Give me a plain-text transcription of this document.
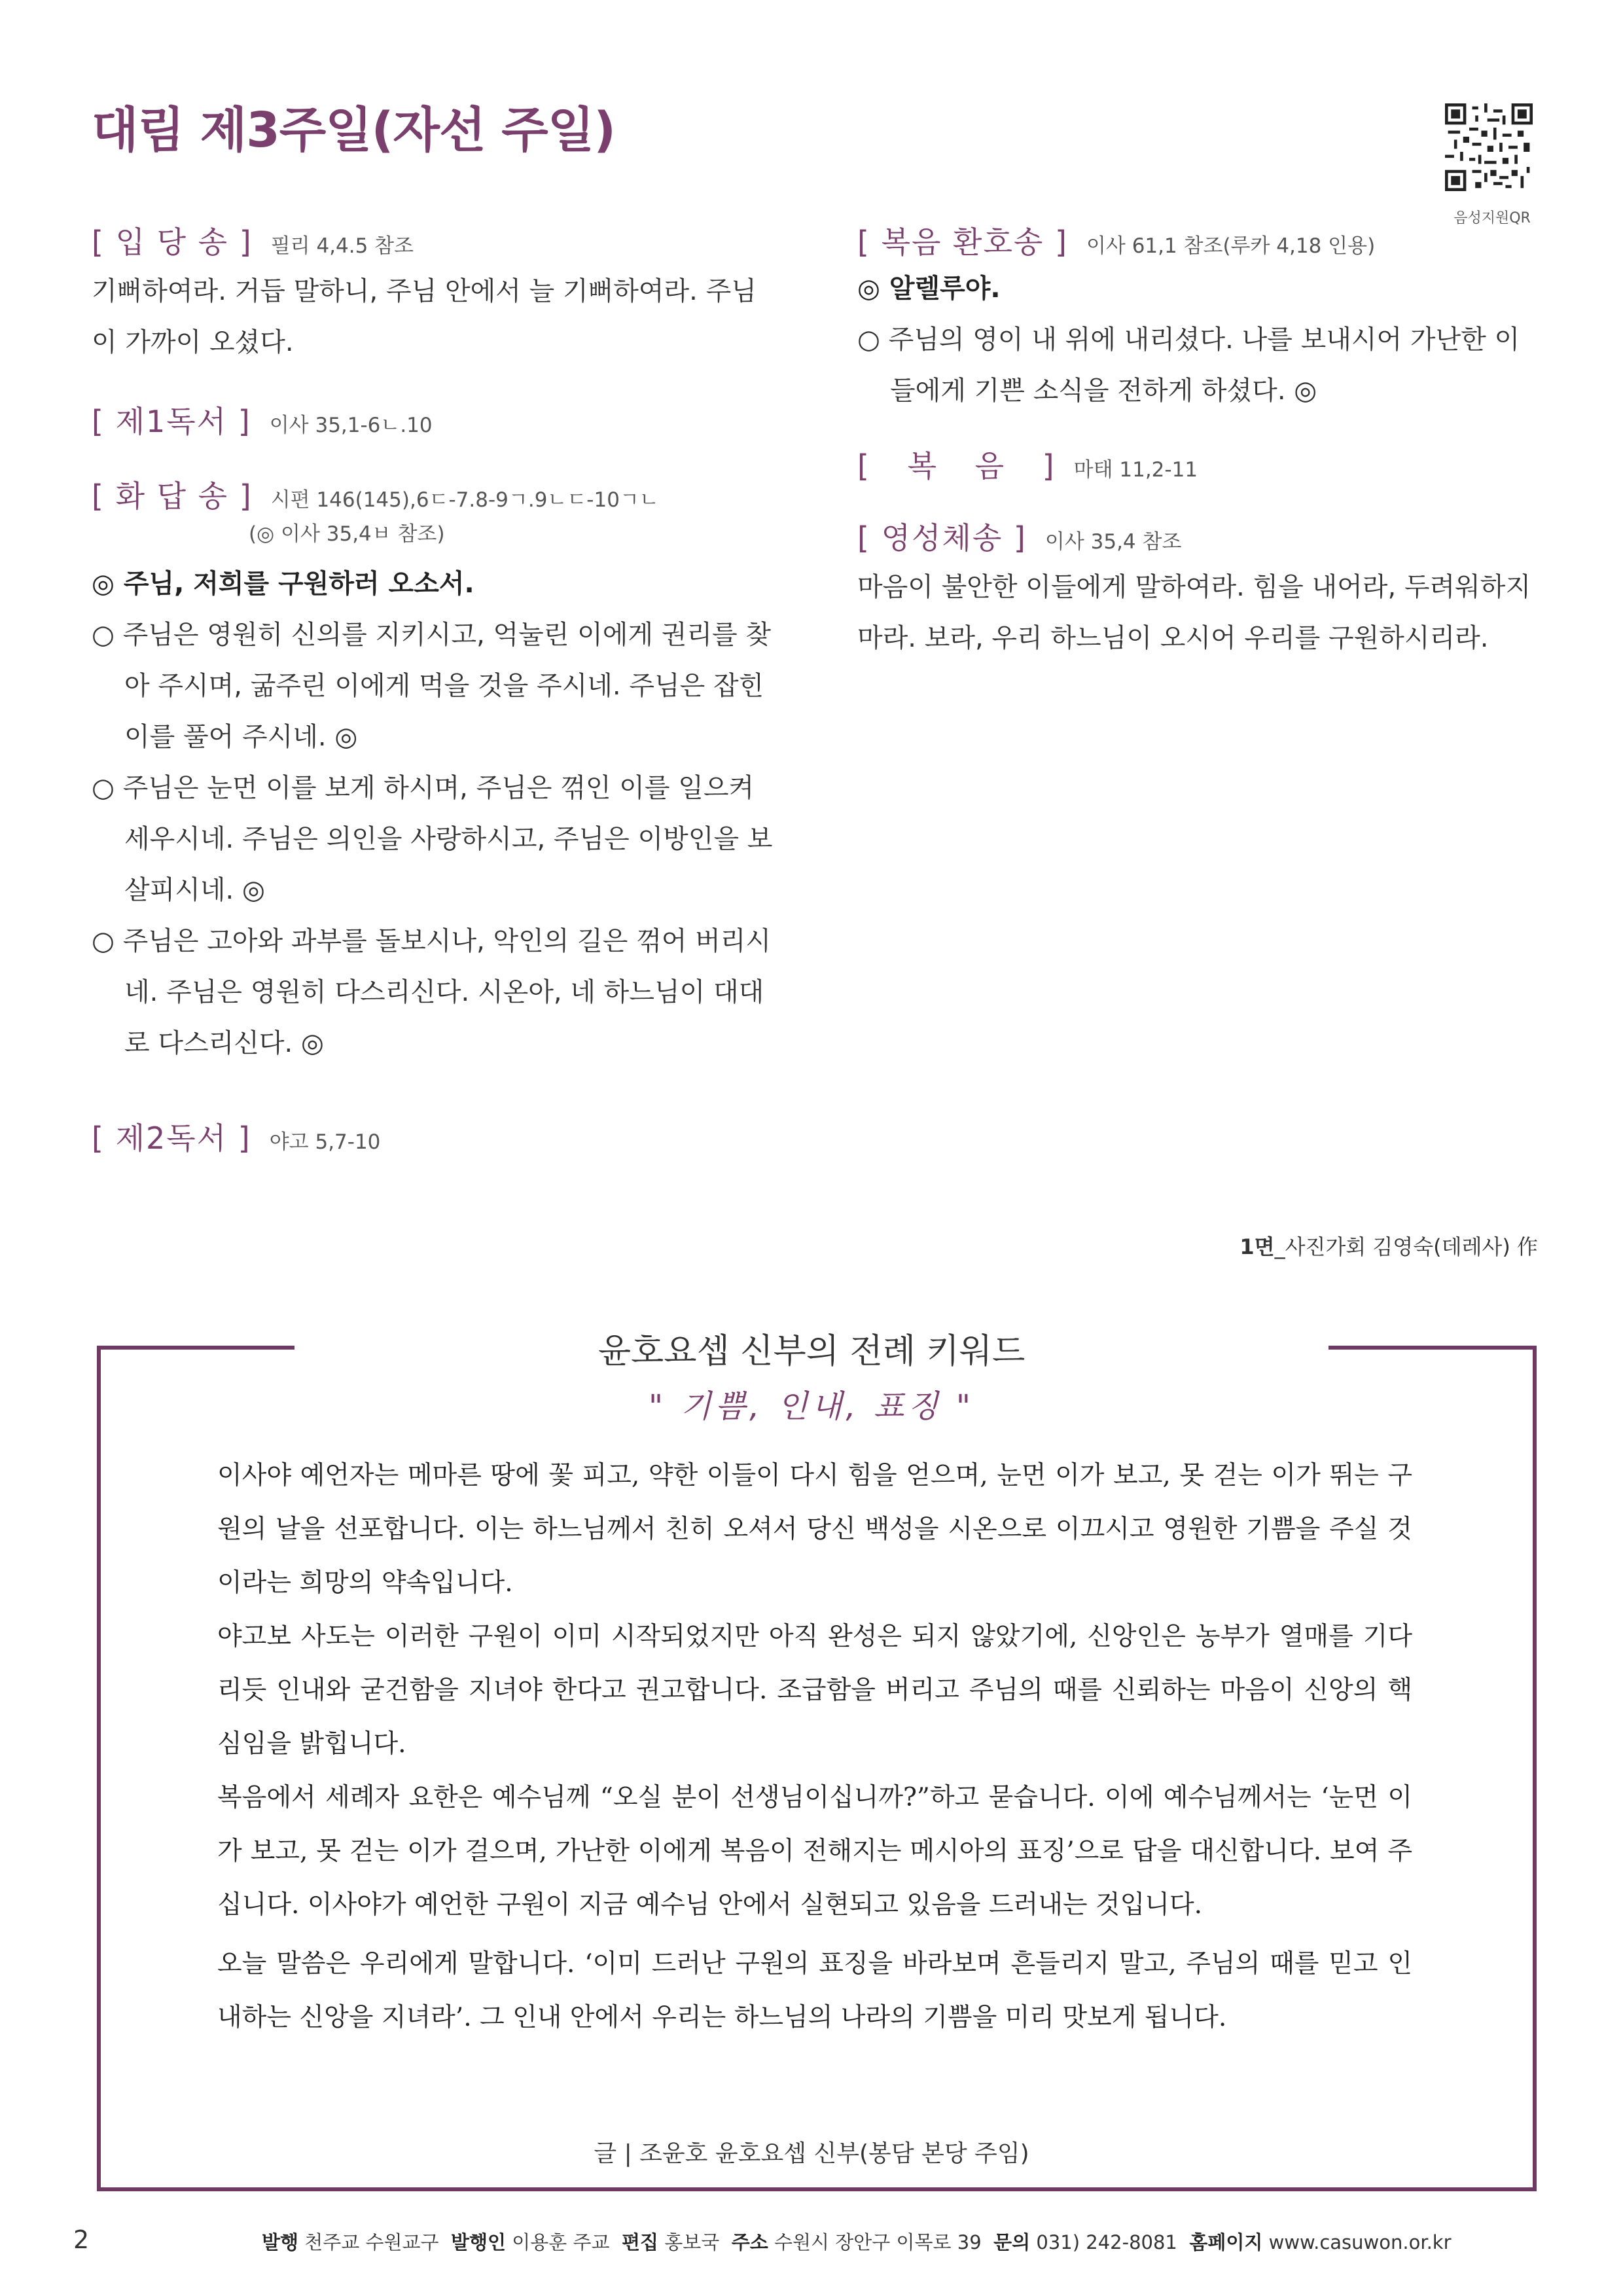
대림 제3주일(자선 주일)
음성지원QR
[ 입 당 송 ] 필리 4,4.5 참조

기뻐하여라. 거듭 말하니, 주님 안에서 늘 기뻐하여라. 주님이 가까이 오셨다.

[ 제1독서 ] 이사 35,1-6ㄴ.10
[ 화 답 송 ] 시편 146(145),6ㄷ-7.8-9ㄱ.9ㄴㄷ-10ㄱㄴ
(◎ 이사 35,4ㅂ 참조)
◎ 주님, 저희를 구원하러 오소서.
○ 주님은 영원히 신의를 지키시고, 억눌린 이에게 권리를 찾아 주시며, 굶주린 이에게 먹을 것을 주시네. 주님은 잡힌 이를 풀어 주시네. ◎
○ 주님은 눈먼 이를 보게 하시며, 주님은 꺾인 이를 일으켜 세우시네. 주님은 의인을 사랑하시고, 주님은 이방인을 보살피시네. ◎
○ 주님은 고아와 과부를 돌보시나, 악인의 길은 꺾어 버리시네. 주님은 영원히 다스리신다. 시온아, 네 하느님이 대대로 다스리신다. ◎
[ 제2독서 ] 야고 5,7-10
[ 복음 환호송 ] 이사 61,1 참조(루카 4,18 인용)
◎ 알렐루야.
○ 주님의 영이 내 위에 내리셨다. 나를 보내시어 가난한 이들에게 기쁜 소식을 전하게 하셨다. ◎
[ 복 음 ] 마태 11,2-11
[ 영성체송 ] 이사 35,4 참조

마음이 불안한 이들에게 말하여라. 힘을 내어라, 두려워하지 마라. 보라, 우리 하느님이 오시어 우리를 구원하시리라.

1면_사진가회 김영숙(데레사) 作
윤호요셉 신부의 전례 키워드
" 기쁨, 인내, 표징 "

이사야 예언자는 메마른 땅에 꽃 피고, 약한 이들이 다시 힘을 얻으며, 눈먼 이가 보고, 못 걷는 이가 뛰는 구원의 날을 선포합니다. 이는 하느님께서 친히 오셔서 당신 백성을 시온으로 이끄시고 영원한 기쁨을 주실 것이라는 희망의 약속입니다.

야고보 사도는 이러한 구원이 이미 시작되었지만 아직 완성은 되지 않았기에, 신앙인은 농부가 열매를 기다리듯 인내와 굳건함을 지녀야 한다고 권고합니다. 조급함을 버리고 주님의 때를 신뢰하는 마음이 신앙의 핵심임을 밝힙니다.

복음에서 세례자 요한은 예수님께 “오실 분이 선생님이십니까?”하고 묻습니다. 이에 예수님께서는 ‘눈먼 이가 보고, 못 걷는 이가 걸으며, 가난한 이에게 복음이 전해지는 메시아의 표징’으로 답을 대신합니다. 보여 주십니다. 이사야가 예언한 구원이 지금 예수님 안에서 실현되고 있음을 드러내는 것입니다.

오늘 말씀은 우리에게 말합니다. ‘이미 드러난 구원의 표징을 바라보며 흔들리지 말고, 주님의 때를 믿고 인내하는 신앙을 지녀라’. 그 인내 안에서 우리는 하느님의 나라의 기쁨을 미리 맛보게 됩니다.

글 | 조윤호 윤호요셉 신부(봉담 본당 주임)
2	발행 천주교 수원교구 발행인 이용훈 주교 편집 홍보국 주소 수원시 장안구 이목로 39 문의 031) 242-8081 홈페이지 www.casuwon.or.kr
